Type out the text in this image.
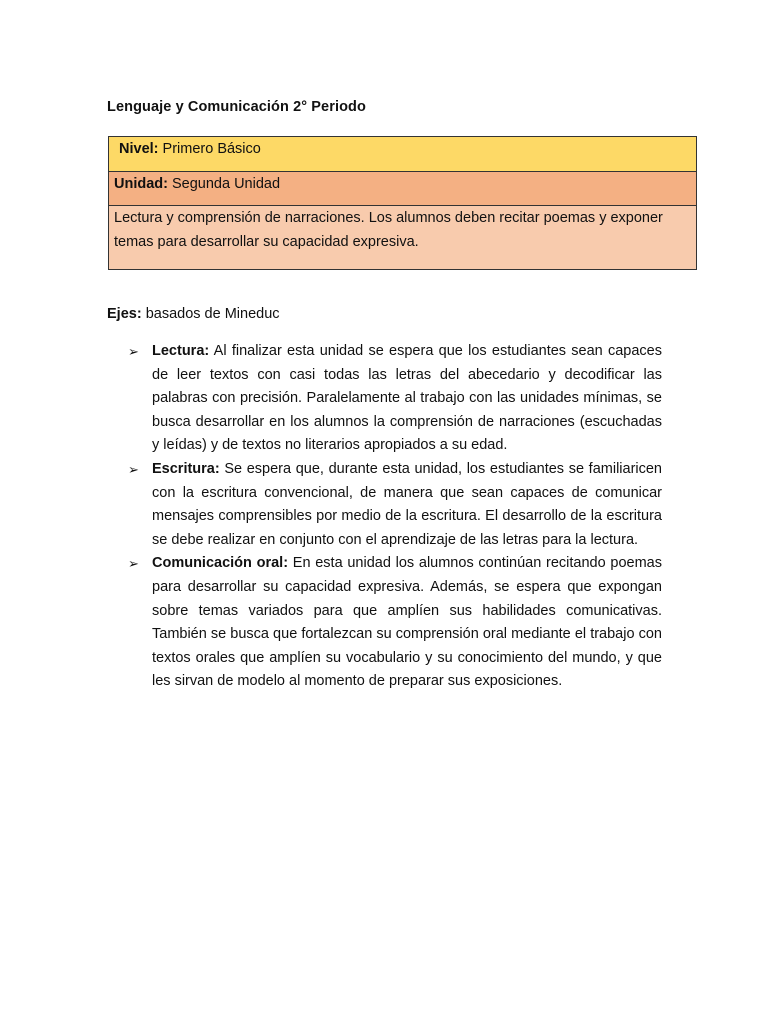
Lenguaje y Comunicación 2° Periodo
Nivel: Primero Básico
Unidad: Segunda Unidad
Lectura y comprensión de narraciones. Los alumnos deben recitar poemas y exponer temas para desarrollar su capacidad expresiva.
Ejes: basados de Mineduc
➢ Lectura: Al finalizar esta unidad se espera que los estudiantes sean capaces de leer textos con casi todas las letras del abecedario y decodificar las palabras con precisión. Paralelamente al trabajo con las unidades mínimas, se busca desarrollar en los alumnos la comprensión de narraciones (escuchadas y leídas) y de textos no literarios apropiados a su edad.
➢ Escritura: Se espera que, durante esta unidad, los estudiantes se familiaricen con la escritura convencional, de manera que sean capaces de comunicar mensajes comprensibles por medio de la escritura. El desarrollo de la escritura se debe realizar en conjunto con el aprendizaje de las letras para la lectura.
➢ Comunicación oral: En esta unidad los alumnos continúan recitando poemas para desarrollar su capacidad expresiva. Además, se espera que expongan sobre temas variados para que amplíen sus habilidades comunicativas. También se busca que fortalezcan su comprensión oral mediante el trabajo con textos orales que amplíen su vocabulario y su conocimiento del mundo, y que les sirvan de modelo al momento de preparar sus exposiciones.
